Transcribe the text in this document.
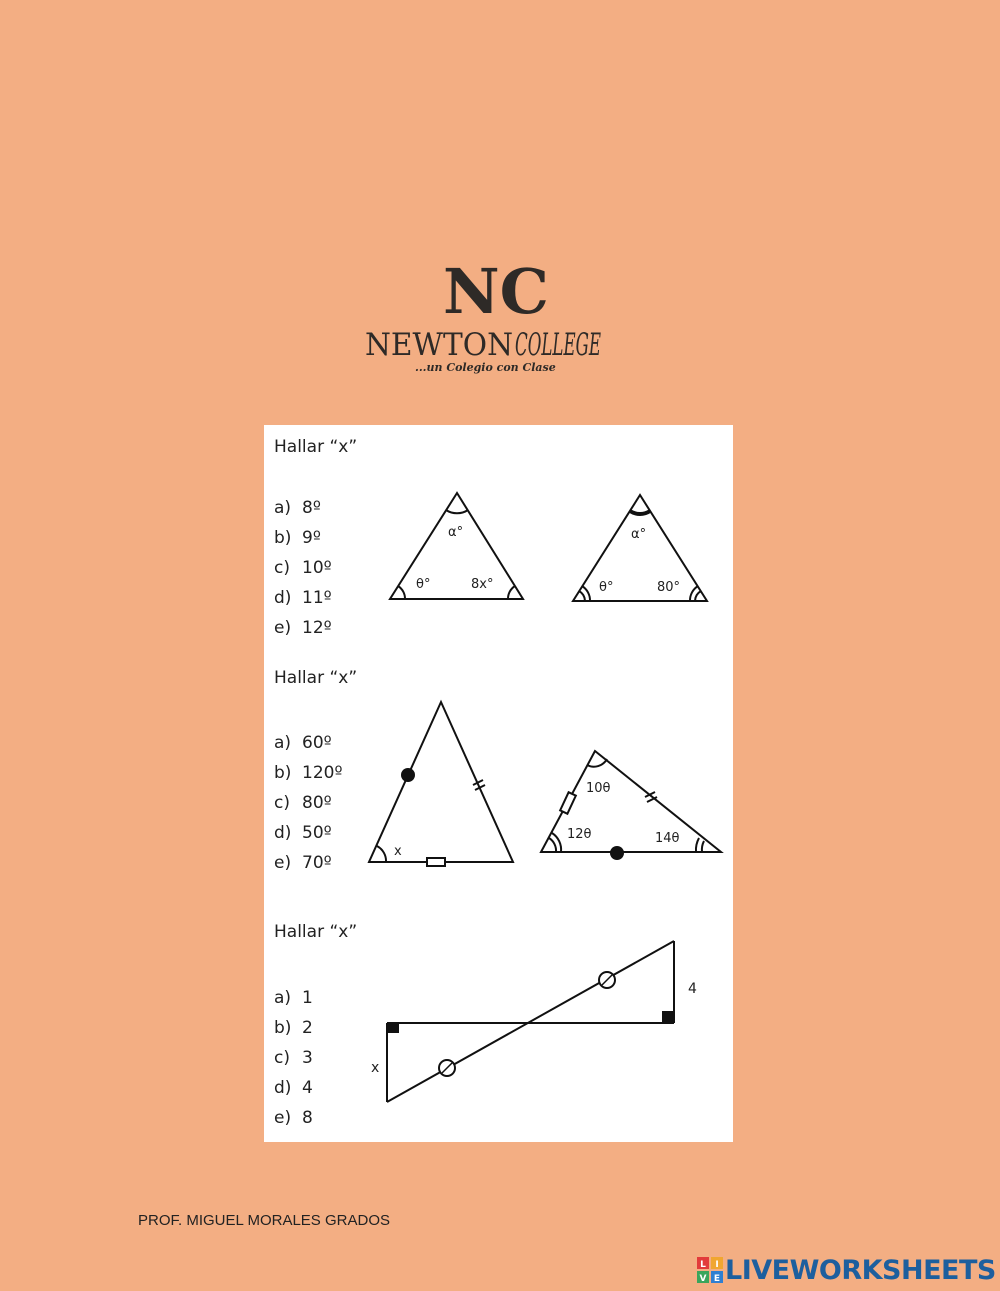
NC
NEWTON COLLEGE
...un Colegio con Clase
Hallar “x”
a) 8º
b) 9º
c) 10º
d) 11º
e) 12º
Hallar “x”
a) 60º
b) 120º
c) 80º
d) 50º
e) 70º
Hallar “x”
a) 1
b) 2
c) 3
d) 4
e) 8
α°
θ°	8x°
α°
θ°	80°
x
10θ
12θ	14θ
4
x
PROF. MIGUEL MORALES GRADOS
L I
V E LIVEWORKSHEETS
